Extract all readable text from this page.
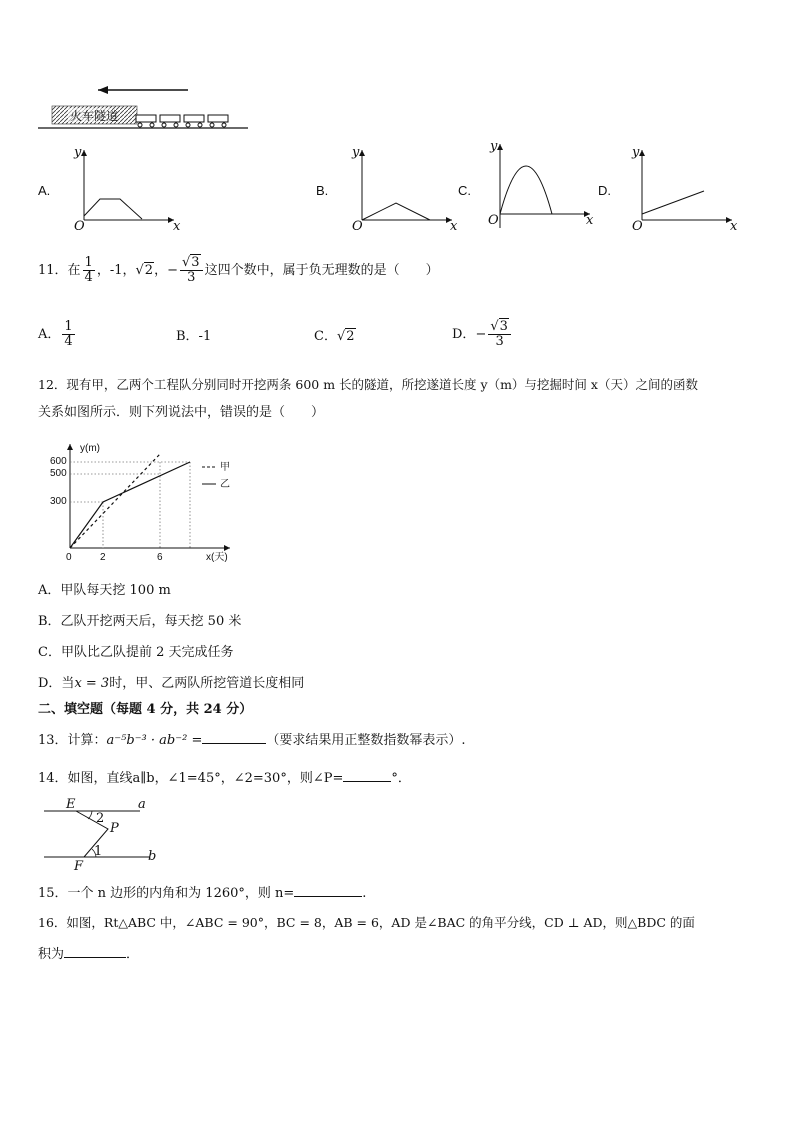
火车隧道
A.
y
O	x
B.
y
O	x
C.
y
O	x
D.
y
O	x
11．在 $\frac{1}{4}$ ，-1，√2，− $\frac{√3}{3}$ 这四个数中，属于负无理数的是（　　）
A． $\frac{1}{4}$	B．-1	C．√2	D．− $\frac{√3}{3}$
12．现有甲，乙两个工程队分别同时开挖两条 600 m 长的隧道，所挖遂道长度 y（m）与挖掘时间 x（天）之间的函数
关系如图所示．则下列说法中，错误的是（　　）
y(m)
600
500
300
0	2	6	x(天)
甲
乙
A．甲队每天挖 100 m
B．乙队开挖两天后，每天挖 50 米
C．甲队比乙队提前 2 天完成任务
D．当x = 3时，甲、乙两队所挖管道长度相同
二、填空题（每题 4 分，共 24 分）
13．计算：a⁻⁵b⁻³ · ab⁻² =	（要求结果用正整数指数幂表示）.
14．如图，直线a∥b，∠1=45°，∠2=30°，则∠P=	°．
E	a
2
P
1	b
F
15．一个 n 边形的内角和为 1260°，则 n=	.
16．如图，Rt△ABC 中，∠ABC = 90°，BC = 8，AB = 6，AD 是∠BAC 的角平分线，CD ⊥ AD，则△BDC 的面
积为	．
